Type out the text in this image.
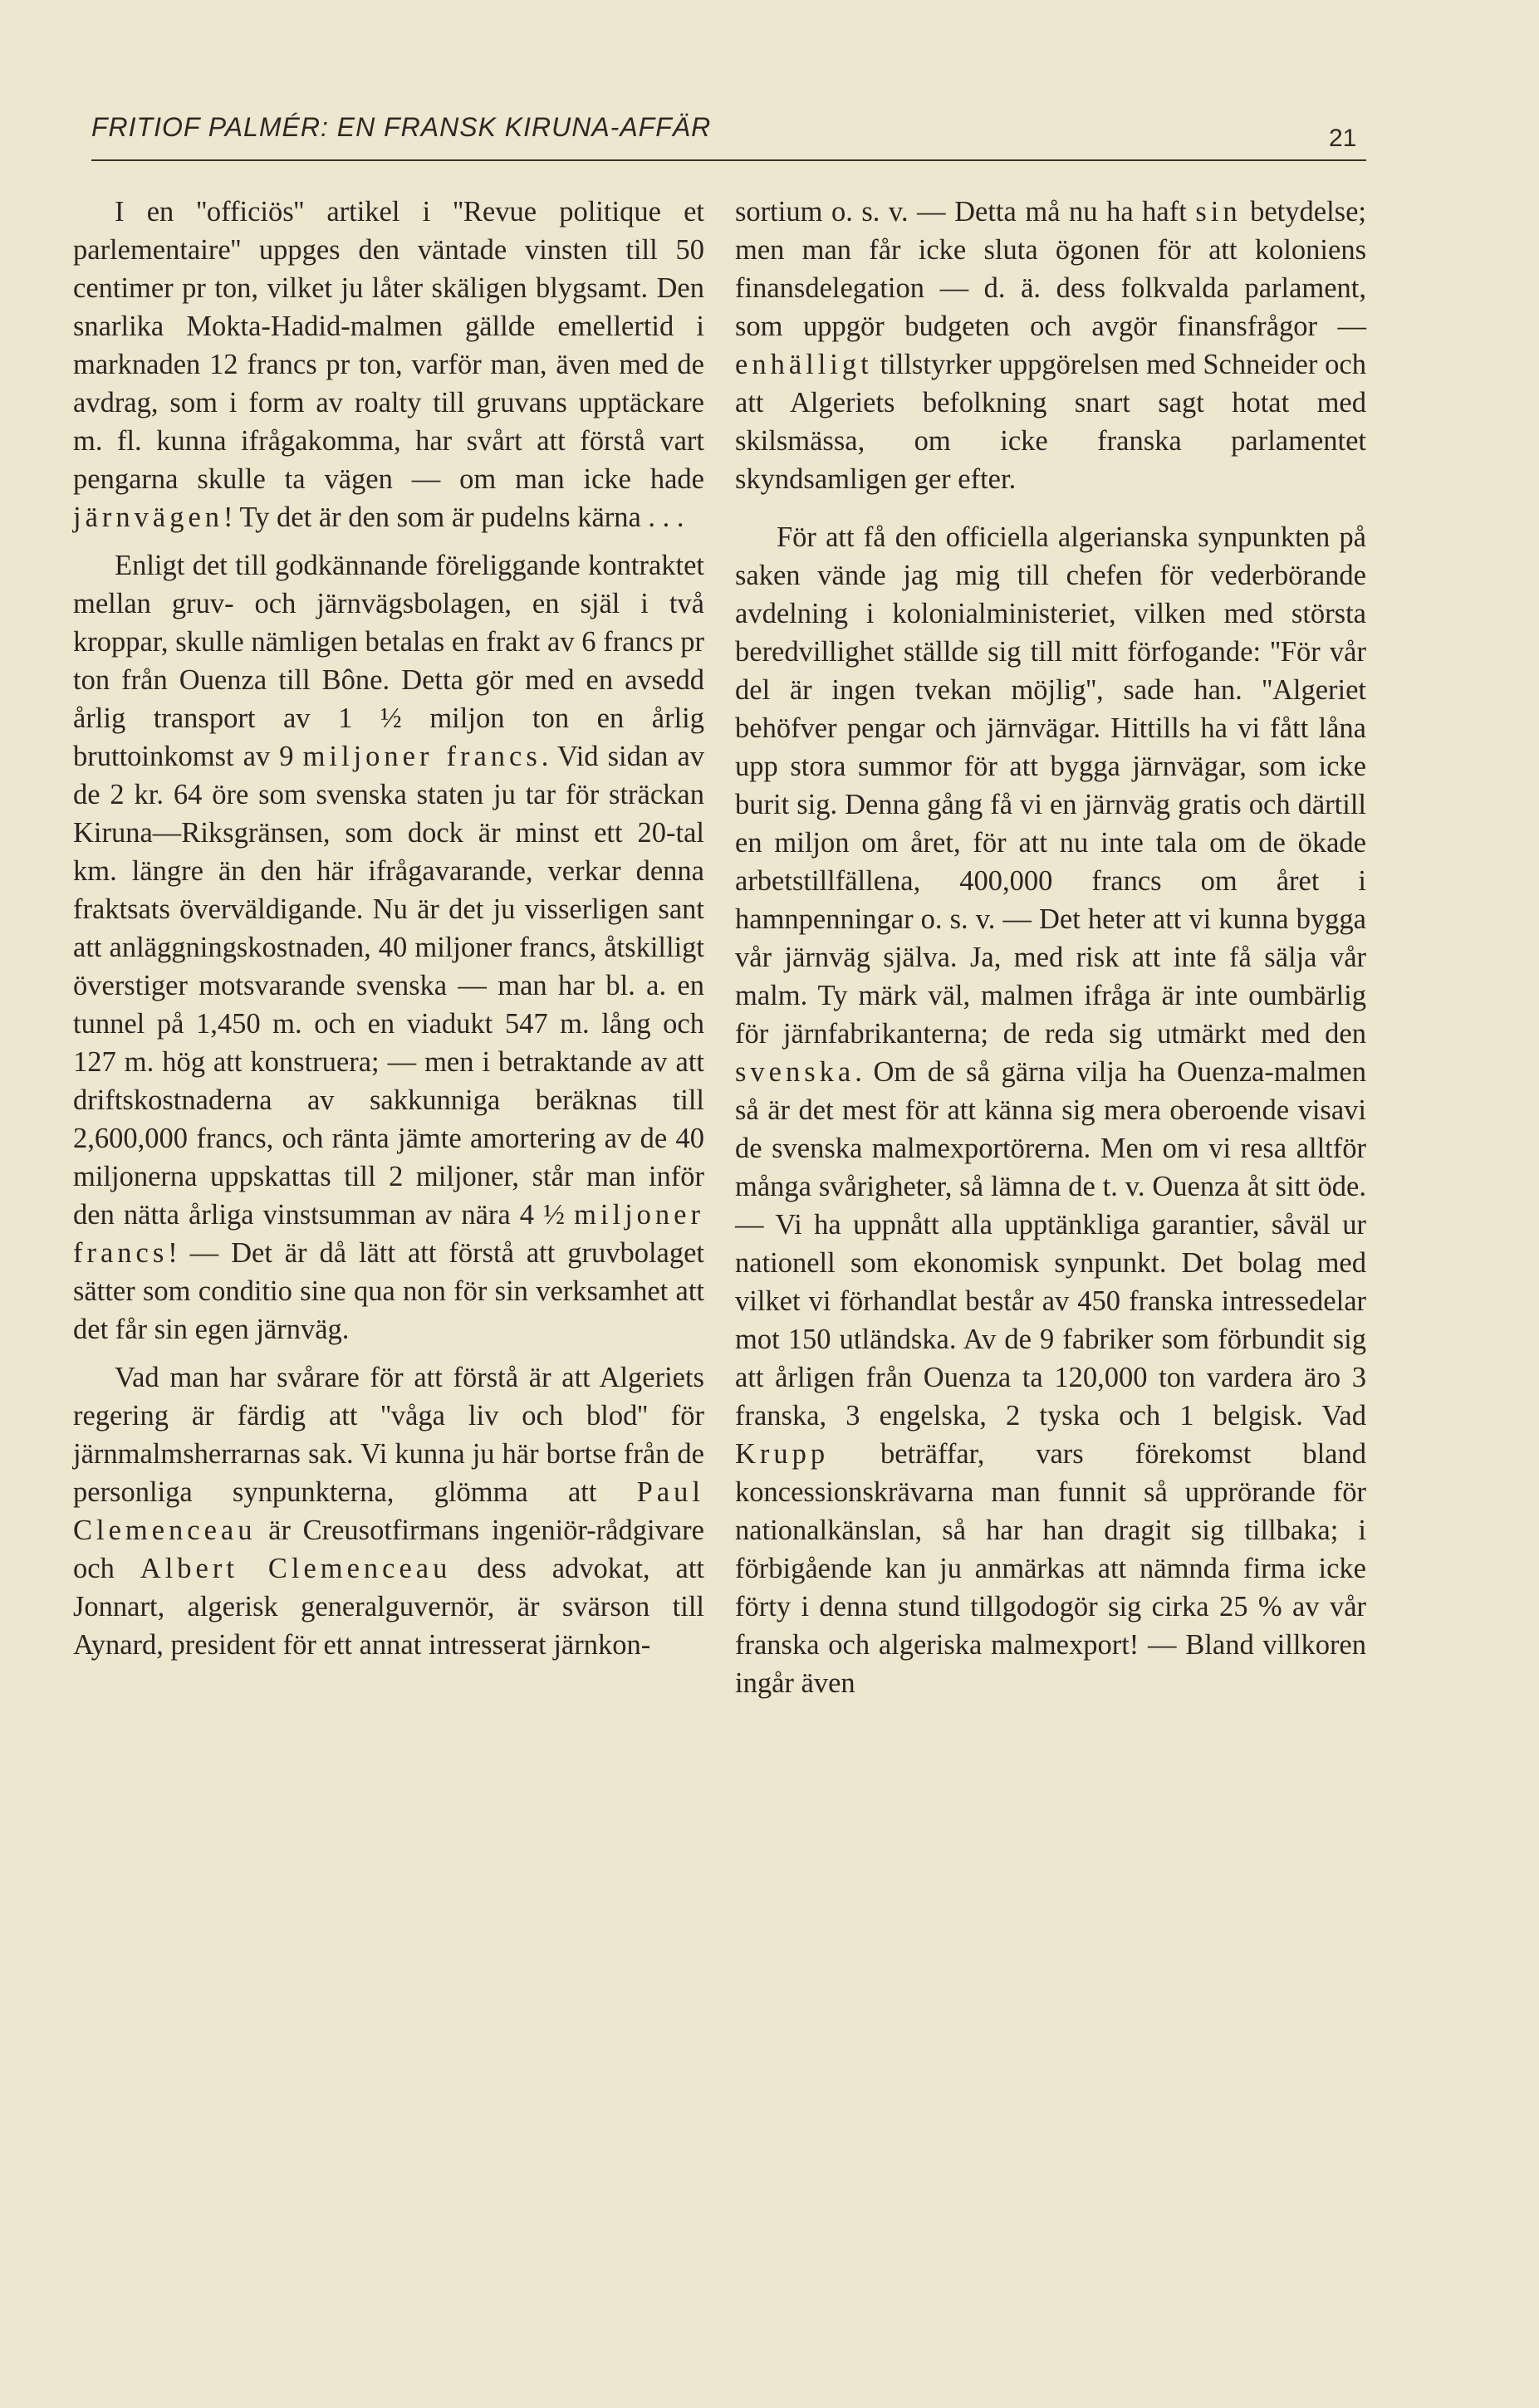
FRITIOF PALMÉR: EN FRANSK KIRUNA-AFFÄR	21

I en ''officiös'' artikel i ''Revue politique et parlementaire'' uppges den väntade vinsten till 50 centimer pr ton, vilket ju låter skäligen blygsamt. Den snarlika Mokta-Hadid-malmen gällde emellertid i marknaden 12 francs pr ton, varför man, även med de avdrag, som i form av roalty till gruvans upptäckare m. fl. kunna ifrågakomma, har svårt att förstå vart pengarna skulle ta vägen — om man icke hade järnvägen! Ty det är den som är pudelns kärna . . .

Enligt det till godkännande föreliggande kontraktet mellan gruv- och järnvägsbolagen, en själ i två kroppar, skulle nämligen betalas en frakt av 6 francs pr ton från Ouenza till Bône. Detta gör med en avsedd årlig transport av 1 ½ miljon ton en årlig bruttoinkomst av 9 miljoner francs. Vid sidan av de 2 kr. 64 öre som svenska staten ju tar för sträckan Kiruna—Riksgränsen, som dock är minst ett 20-tal km. längre än den här ifrågavarande, verkar denna fraktsats överväldigande. Nu är det ju visserligen sant att anläggningskostnaden, 40 miljoner francs, åtskilligt överstiger motsvarande svenska — man har bl. a. en tunnel på 1,450 m. och en viadukt 547 m. lång och 127 m. hög att konstruera; — men i betraktande av att driftskostnaderna av sakkunniga beräknas till 2,600,000 francs, och ränta jämte amortering av de 40 miljonerna uppskattas till 2 miljoner, står man inför den nätta årliga vinstsumman av nära 4 ½ miljoner francs! — Det är då lätt att förstå att gruvbolaget sätter som conditio sine qua non för sin verksamhet att det får sin egen järnväg.

Vad man har svårare för att förstå är att Algeriets regering är färdig att ''våga liv och blod'' för järnmalmsherrarnas sak. Vi kunna ju här bortse från de personliga synpunkterna, glömma att Paul Clemenceau är Creusotfirmans ingeniör-rådgivare och Albert Clemenceau dess advokat, att Jonnart, algerisk generalguvernör, är svärson till Aynard, president för ett annat intresserat järnkon-

sortium o. s. v. — Detta må nu ha haft sin betydelse; men man får icke sluta ögonen för att koloniens finansdelegation — d. ä. dess folkvalda parlament, som uppgör budgeten och avgör finansfrågor — enhälligt tillstyrker uppgörelsen med Schneider och att Algeriets befolkning snart sagt hotat med skilsmässa, om icke franska parlamentet skyndsamligen ger efter.

För att få den officiella algerianska synpunkten på saken vände jag mig till chefen för vederbörande avdelning i kolonialministeriet, vilken med största beredvillighet ställde sig till mitt förfogande: ''För vår del är ingen tvekan möjlig'', sade han. ''Algeriet behöfver pengar och järnvägar. Hittills ha vi fått låna upp stora summor för att bygga järnvägar, som icke burit sig. Denna gång få vi en järnväg gratis och därtill en miljon om året, för att nu inte tala om de ökade arbetstillfällena, 400,000 francs om året i hamnpenningar o. s. v. — Det heter att vi kunna bygga vår järnväg själva. Ja, med risk att inte få sälja vår malm. Ty märk väl, malmen ifråga är inte oumbärlig för järnfabrikanterna; de reda sig utmärkt med den svenska. Om de så gärna vilja ha Ouenza-malmen så är det mest för att känna sig mera oberoende visavi de svenska malmexportörerna. Men om vi resa alltför många svårigheter, så lämna de t. v. Ouenza åt sitt öde. — Vi ha uppnått alla upptänkliga garantier, såväl ur nationell som ekonomisk synpunkt. Det bolag med vilket vi förhandlat består av 450 franska intressedelar mot 150 utländska. Av de 9 fabriker som förbundit sig att årligen från Ouenza ta 120,000 ton vardera äro 3 franska, 3 engelska, 2 tyska och 1 belgisk. Vad Krupp beträffar, vars förekomst bland koncessionskrävarna man funnit så upprörande för nationalkänslan, så har han dragit sig tillbaka; i förbigående kan ju anmärkas att nämnda firma icke förty i denna stund tillgodogör sig cirka 25 % av vår franska och algeriska malmexport! — Bland villkoren ingår även
